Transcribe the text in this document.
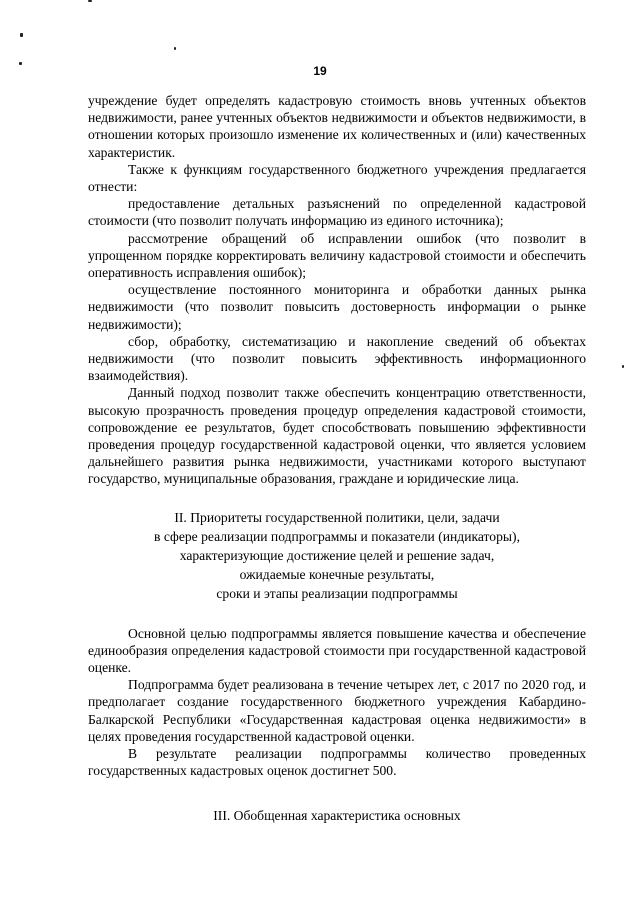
19

учреждение будет определять кадастровую стоимость вновь учтенных объектов недвижимости, ранее учтенных объектов недвижимости и объектов недвижимости, в отношении которых произошло изменение их количественных и (или) качественных характеристик.

Также к функциям государственного бюджетного учреждения предлагается отнести:

предоставление детальных разъяснений по определенной кадастровой стоимости (что позволит получать информацию из единого источника);

рассмотрение обращений об исправлении ошибок (что позволит в упрощенном порядке корректировать величину кадастровой стоимости и обеспечить оперативность исправления ошибок);

осуществление постоянного мониторинга и обработки данных рынка недвижимости (что позволит повысить достоверность информации о рынке недвижимости);

сбор, обработку, систематизацию и накопление сведений об объектах недвижимости (что позволит повысить эффективность информационного взаимодействия).

Данный подход позволит также обеспечить концентрацию ответственности, высокую прозрачность проведения процедур определения кадастровой стоимости, сопровождение ее результатов, будет способствовать повышению эффективности проведения процедур государственной кадастровой оценки, что является условием дальнейшего развития рынка недвижимости, участниками которого выступают государство, муниципальные образования, граждане и юридические лица.

II. Приоритеты государственной политики, цели, задачи
в сфере реализации подпрограммы и показатели (индикаторы),
характеризующие достижение целей и решение задач,
ожидаемые конечные результаты,
сроки и этапы реализации подпрограммы

Основной целью подпрограммы является повышение качества и обеспечение единообразия определения кадастровой стоимости при государственной кадастровой оценке.

Подпрограмма будет реализована в течение четырех лет, с 2017 по 2020 год, и предполагает создание государственного бюджетного учреждения Кабардино-Балкарской Республики «Государственная кадастровая оценка недвижимости» в целях проведения государственной кадастровой оценки.

В результате реализации подпрограммы количество проведенных государственных кадастровых оценок достигнет 500.

III. Обобщенная характеристика основных
